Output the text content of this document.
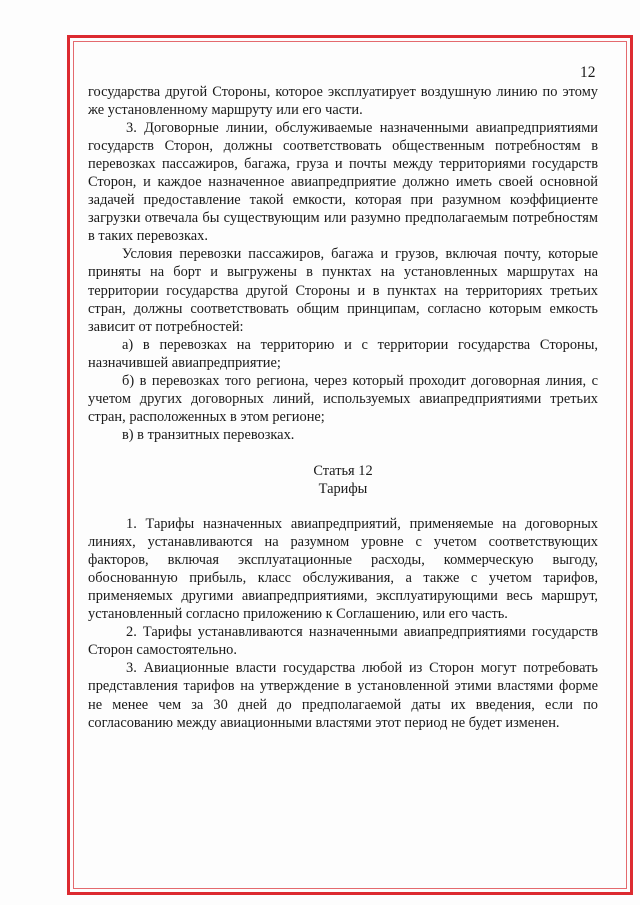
12

государства другой Стороны, которое эксплуатирует воздушную линию по этому же установленному маршруту или его части.

3. Договорные линии, обслуживаемые назначенными авиапредприятиями государств Сторон, должны соответствовать общественным потребностям в перевозках пассажиров, багажа, груза и почты между территориями государств Сторон, и каждое назначенное авиапредприятие должно иметь своей основной задачей предоставление такой емкости, которая при разумном коэффициенте загрузки отвечала бы существующим или разумно предполагаемым потребностям в таких перевозках.

Условия перевозки пассажиров, багажа и грузов, включая почту, которые приняты на борт и выгружены в пунктах на установленных маршрутах на территории государства другой Стороны и в пунктах на территориях третьих стран, должны соответствовать общим принципам, согласно которым емкость зависит от потребностей:

а) в перевозках на территорию и с территории государства Стороны, назначившей авиапредприятие;

б) в перевозках того региона, через который проходит договорная линия, с учетом других договорных линий, используемых авиапредприятиями третьих стран, расположенных в этом регионе;

в) в транзитных перевозках.

Статья 12

Тарифы

1. Тарифы назначенных авиапредприятий, применяемые на договорных линиях, устанавливаются на разумном уровне с учетом соответствующих факторов, включая эксплуатационные расходы, коммерческую выгоду, обоснованную прибыль, класс обслуживания, а также с учетом тарифов, применяемых другими авиапредприятиями, эксплуатирующими весь маршрут, установленный согласно приложению к Соглашению, или его часть.

2. Тарифы устанавливаются назначенными авиапредприятиями государств Сторон самостоятельно.

3. Авиационные власти государства любой из Сторон могут потребовать представления тарифов на утверждение в установленной этими властями форме не менее чем за 30 дней до предполагаемой даты их введения, если по согласованию между авиационными властями этот период не будет изменен.
